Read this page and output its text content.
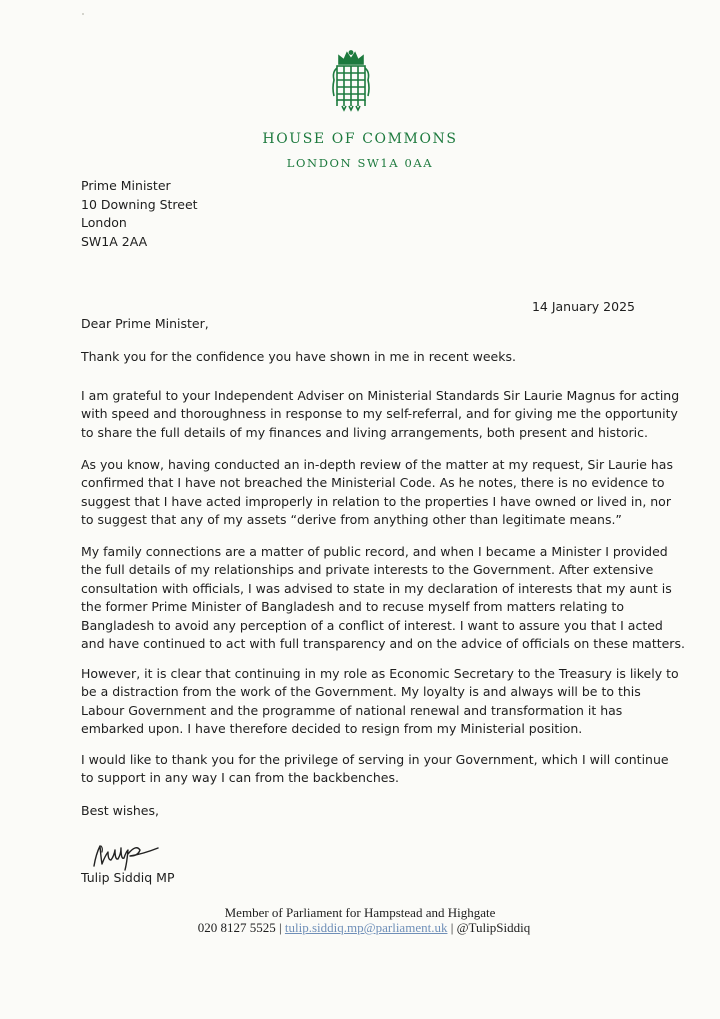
HOUSE OF COMMONS
LONDON SW1A 0AA
Prime Minister
10 Downing Street
London
SW1A 2AA
14 January 2025
Dear Prime Minister,
Thank you for the confidence you have shown in me in recent weeks.
I am grateful to your Independent Adviser on Ministerial Standards Sir Laurie Magnus for acting
with speed and thoroughness in response to my self-referral, and for giving me the opportunity
to share the full details of my finances and living arrangements, both present and historic.
As you know, having conducted an in-depth review of the matter at my request, Sir Laurie has
confirmed that I have not breached the Ministerial Code. As he notes, there is no evidence to
suggest that I have acted improperly in relation to the properties I have owned or lived in, nor
to suggest that any of my assets “derive from anything other than legitimate means.”
My family connections are a matter of public record, and when I became a Minister I provided
the full details of my relationships and private interests to the Government. After extensive
consultation with officials, I was advised to state in my declaration of interests that my aunt is
the former Prime Minister of Bangladesh and to recuse myself from matters relating to
Bangladesh to avoid any perception of a conflict of interest. I want to assure you that I acted
and have continued to act with full transparency and on the advice of officials on these matters.
However, it is clear that continuing in my role as Economic Secretary to the Treasury is likely to
be a distraction from the work of the Government. My loyalty is and always will be to this
Labour Government and the programme of national renewal and transformation it has
embarked upon. I have therefore decided to resign from my Ministerial position.
I would like to thank you for the privilege of serving in your Government, which I will continue
to support in any way I can from the backbenches.
Best wishes,
Tulip Siddiq MP
Member of Parliament for Hampstead and Highgate
020 8127 5525 | tulip.siddiq.mp@parliament.uk | @TulipSiddiq
